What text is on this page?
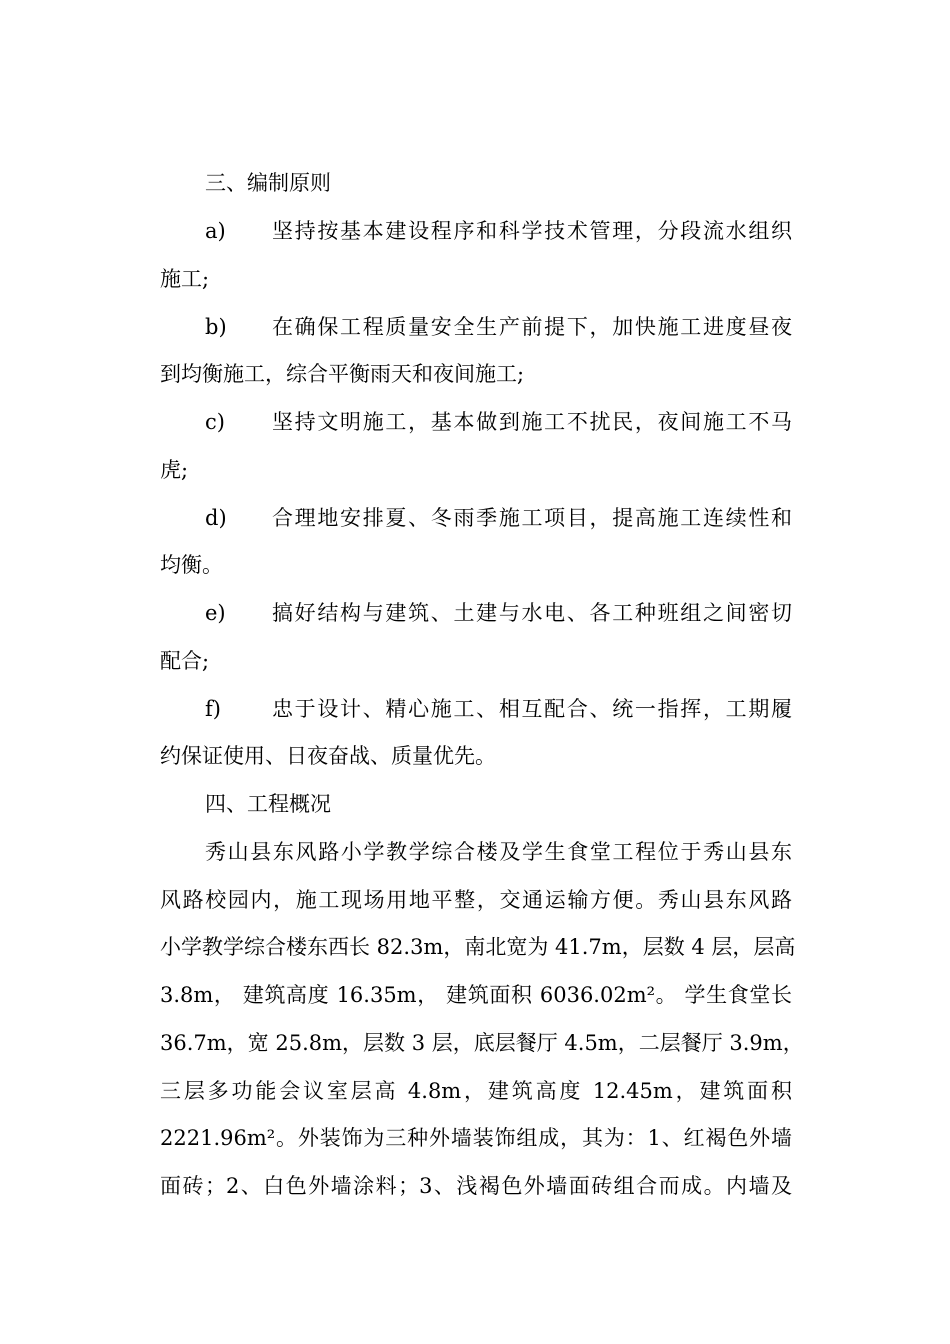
三、编制原则
a)	坚持按基本建设程序和科学技术管理，分段流水组织
施工;
b)	在确保工程质量安全生产前提下，加快施工进度昼夜
到均衡施工，综合平衡雨天和夜间施工;
c)	坚持文明施工，基本做到施工不扰民，夜间施工不马
虎;
d)	合理地安排夏、冬雨季施工项目，提高施工连续性和
均衡。
e)	搞好结构与建筑、土建与水电、各工种班组之间密切
配合;
f)	忠于设计、精心施工、相互配合、统一指挥，工期履
约保证使用、日夜奋战、质量优先。
四、工程概况
秀山县东风路小学教学综合楼及学生食堂工程位于秀山县东
风路校园内，施工现场用地平整，交通运输方便。秀山县东风路
小学教学综合楼东西长 82.3m，南北宽为 41.7m，层数 4 层，层高
3.8m， 建筑高度 16.35m， 建筑面积 6036.02m²。 学生食堂长
36.7m，宽 25.8m，层数 3 层，底层餐厅 4.5m，二层餐厅 3.9m，
三层多功能会议室层高 4.8m，建筑高度 12.45m，建筑面积
2221.96m²。外装饰为三种外墙装饰组成，其为：1、红褐色外墙
面砖；2、白色外墙涂料；3、浅褐色外墙面砖组合而成。内墙及
